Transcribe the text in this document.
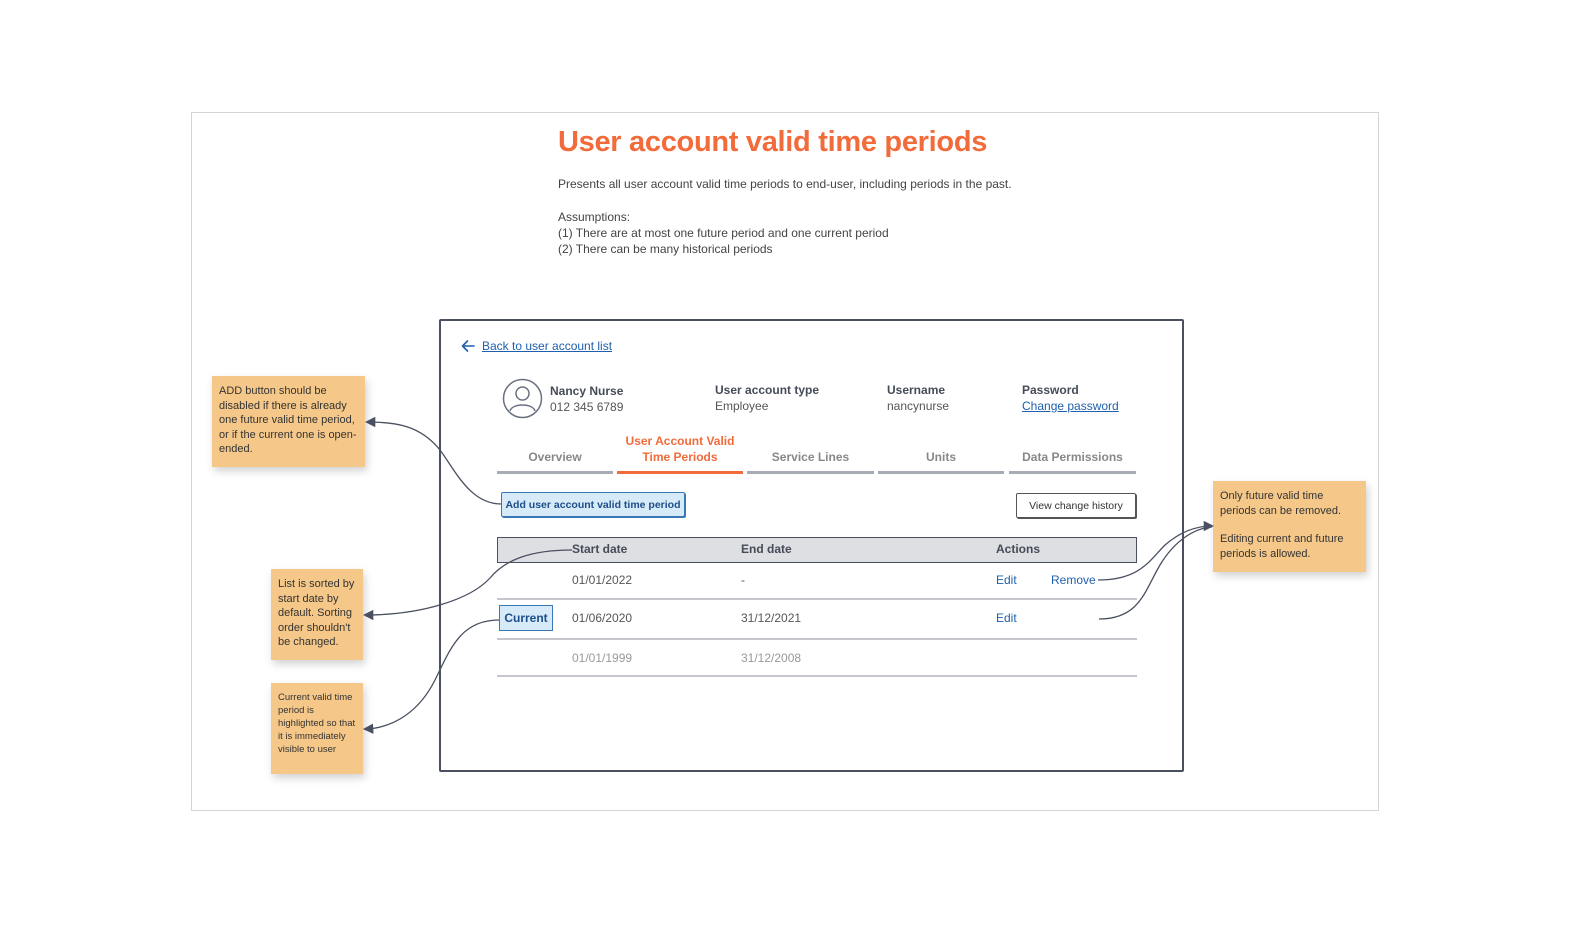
User account valid time periods
Presents all user account valid time periods to end-user, including periods in the past.
Assumptions:
(1) There are at most one future period and one current period
(2) There can be many historical periods
Back to user account list
Nancy Nurse
012 345 6789
User account type
Employee
Username
nancynurse
Password
Change password
Overview
User Account Valid Time Periods	Service Lines	Units	Data Permissions
Add user account valid time period	View change history
Start date	End date	Actions
01/01/2022	-	Edit	Remove
Current	01/06/2020	31/12/2021	Edit
01/01/1999	31/12/2008
ADD button should be disabled if there is already one future valid time period, or if the current one is open-ended.
List is sorted by start date by default. Sorting order shouldn't be changed.
Current valid time period is highlighted so that it is immediately visible to user
Only future valid time periods can be removed.
Editing current and future periods is allowed.
